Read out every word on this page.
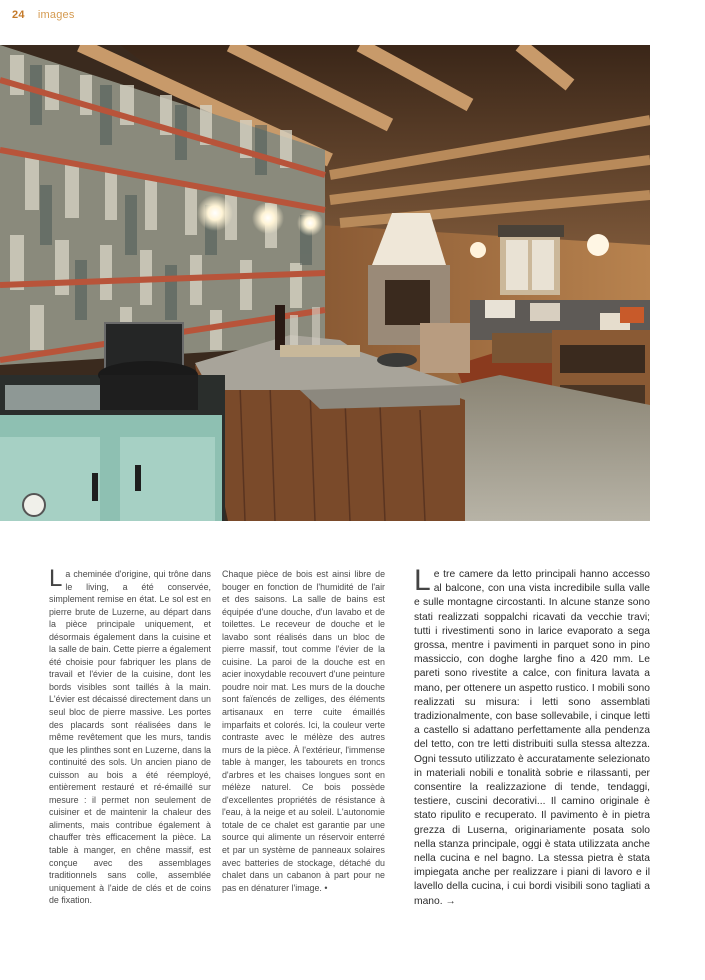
24 images

La cheminée d'origine, qui trône dans le living, a été conservée, simplement remise en état. Le sol est en pierre brute de Luzerne, au départ dans la pièce principale uniquement, et désormais également dans la cuisine et la salle de bain. Cette pierre a également été choisie pour fabriquer les plans de travail et l'évier de la cuisine, dont les bords visibles sont taillés à la main. L'évier est décaissé directement dans un seul bloc de pierre massive. Les portes des placards sont réalisées dans le même revêtement que les murs, tandis que les plinthes sont en Luzerne, dans la continuité des sols. Un ancien piano de cuisson au bois a été réemployé, entièrement restauré et ré-émaillé sur mesure : il permet non seulement de cuisiner et de maintenir la chaleur des aliments, mais contribue également à chauffer très efficacement la pièce. La table à manger, en chêne massif, est conçue avec des assemblages traditionnels sans colle, assemblée uniquement à l'aide de clés et de coins de fixation.

Chaque pièce de bois est ainsi libre de bouger en fonction de l'humidité de l'air et des saisons. La salle de bains est équipée d'une douche, d'un lavabo et de toilettes. Le receveur de douche et le lavabo sont réalisés dans un bloc de pierre massif, tout comme l'évier de la cuisine. La paroi de la douche est en acier inoxydable recouvert d'une peinture poudre noir mat. Les murs de la douche sont faïencés de zelliges, des éléments artisanaux en terre cuite émaillés imparfaits et colorés. Ici, la couleur verte contraste avec le mélèze des autres murs de la pièce. À l'extérieur, l'immense table à manger, les tabourets en troncs d'arbres et les chaises longues sont en mélèze naturel. Ce bois possède d'excellentes propriétés de résistance à l'eau, à la neige et au soleil. L'autonomie totale de ce chalet est garantie par une source qui alimente un réservoir enterré et par un système de panneaux solaires avec batteries de stockage, détaché du chalet dans un cabanon à part pour ne pas en dénaturer l'image. •

Le tre camere da letto principali hanno accesso al balcone, con una vista incredibile sulla valle e sulle montagne circostanti. In alcune stanze sono stati realizzati soppalchi ricavati da vecchie travi; tutti i rivestimenti sono in larice evaporato a sega grossa, mentre i pavimenti in parquet sono in pino massiccio, con doghe larghe fino a 420 mm. Le pareti sono rivestite a calce, con finitura lavata a mano, per ottenere un aspetto rustico. I mobili sono realizzati su misura: i letti sono assemblati tradizionalmente, con base sollevabile, i cinque letti a castello si adattano perfettamente alla pendenza del tetto, con tre letti distribuiti sulla stessa altezza. Ogni tessuto utilizzato è accuratamente selezionato in materiali nobili e tonalità sobrie e rilassanti, per consentire la realizzazione di tende, tendaggi, testiere, cuscini decorativi... Il camino originale è stato ripulito e recuperato. Il pavimento è in pietra grezza di Luserna, originariamente posata solo nella stanza principale, oggi è stata utilizzata anche nella cucina e nel bagno. La stessa pietra è stata impiegata anche per realizzare i piani di lavoro e il lavello della cucina, i cui bordi visibili sono tagliati a mano. →
